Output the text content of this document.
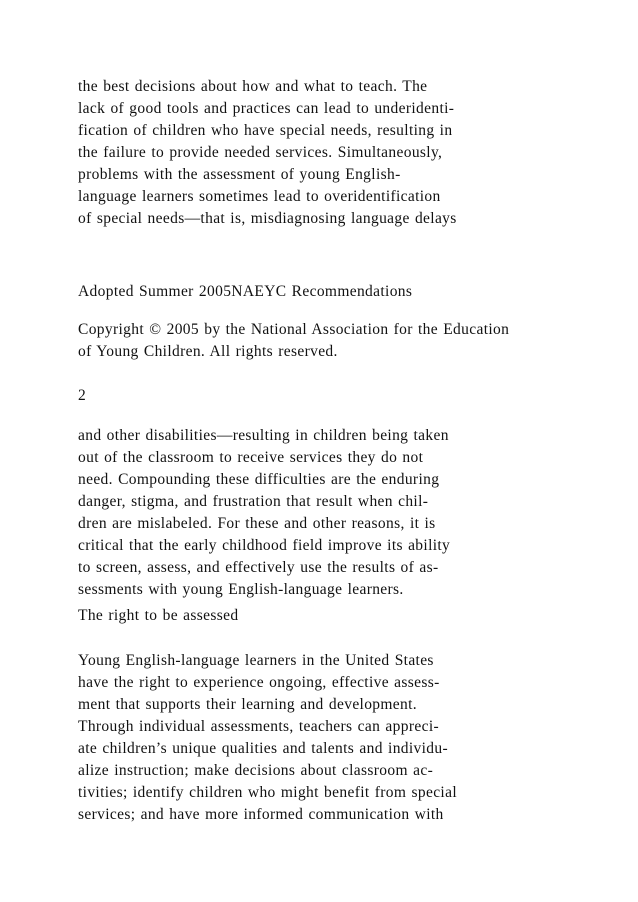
the best decisions about how and what to teach. The
lack of good tools and practices can lead to underidenti-
fication of children who have special needs, resulting in
the failure to provide needed services. Simultaneously,
problems with the assessment of young English-
language learners sometimes lead to overidentification
of special needs—that is, misdiagnosing language delays
Adopted Summer 2005NAEYC Recommendations
Copyright © 2005 by the National Association for the Education
of Young Children. All rights reserved.
2
and other disabilities—resulting in children being taken
out of the classroom to receive services they do not
need. Compounding these difficulties are the enduring
danger, stigma, and frustration that result when chil-
dren are mislabeled. For these and other reasons, it is
critical that the early childhood field improve its ability
to screen, assess, and effectively use the results of as-
sessments with young English-language learners.
The right to be assessed
Young English-language learners in the United States
have the right to experience ongoing, effective assess-
ment that supports their learning and development.
Through individual assessments, teachers can appreci-
ate children’s unique qualities and talents and individu-
alize instruction; make decisions about classroom ac-
tivities; identify children who might benefit from special
services; and have more informed communication with
